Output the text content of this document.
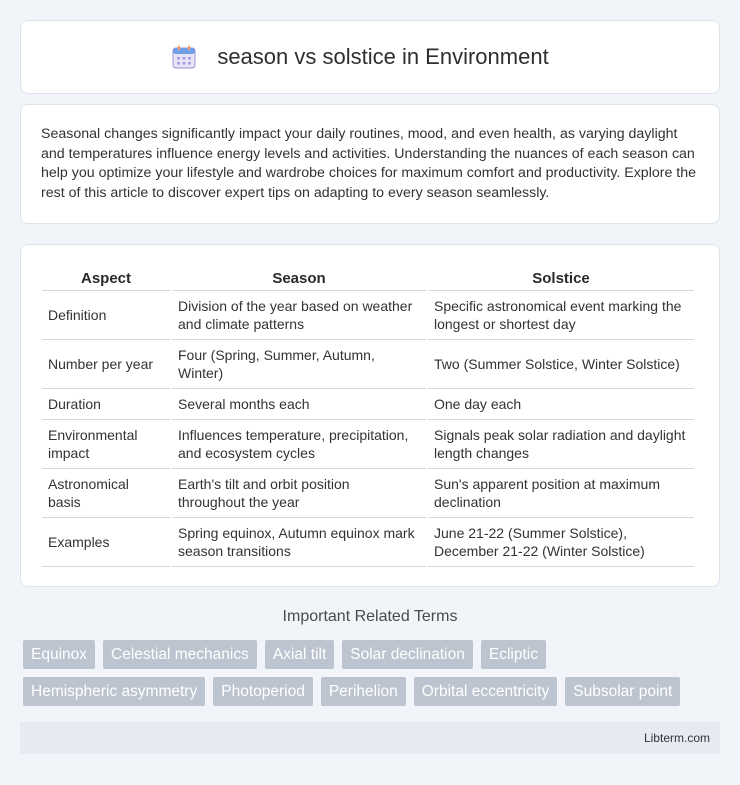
season vs solstice in Environment

Seasonal changes significantly impact your daily routines, mood, and even health, as varying daylight and temperatures influence energy levels and activities. Understanding the nuances of each season can help you optimize your lifestyle and wardrobe choices for maximum comfort and productivity. Explore the rest of this article to discover expert tips on adapting to every season seamlessly.

Aspect	Season	Solstice
Definition	Division of the year based on weather and climate patterns	Specific astronomical event marking the longest or shortest day
Number per year	Four (Spring, Summer, Autumn, Winter)	Two (Summer Solstice, Winter Solstice)
Duration	Several months each	One day each
Environmental impact	Influences temperature, precipitation, and ecosystem cycles	Signals peak solar radiation and daylight length changes
Astronomical basis	Earth's tilt and orbit position throughout the year	Sun's apparent position at maximum declination
Examples	Spring equinox, Autumn equinox mark season transitions	June 21-22 (Summer Solstice), December 21-22 (Winter Solstice)
Important Related Terms
Equinox	Celestial mechanics	Axial tilt	Solar declination	Ecliptic
Hemispheric asymmetry	Photoperiod	Perihelion	Orbital eccentricity	Subsolar point
Libterm.com
